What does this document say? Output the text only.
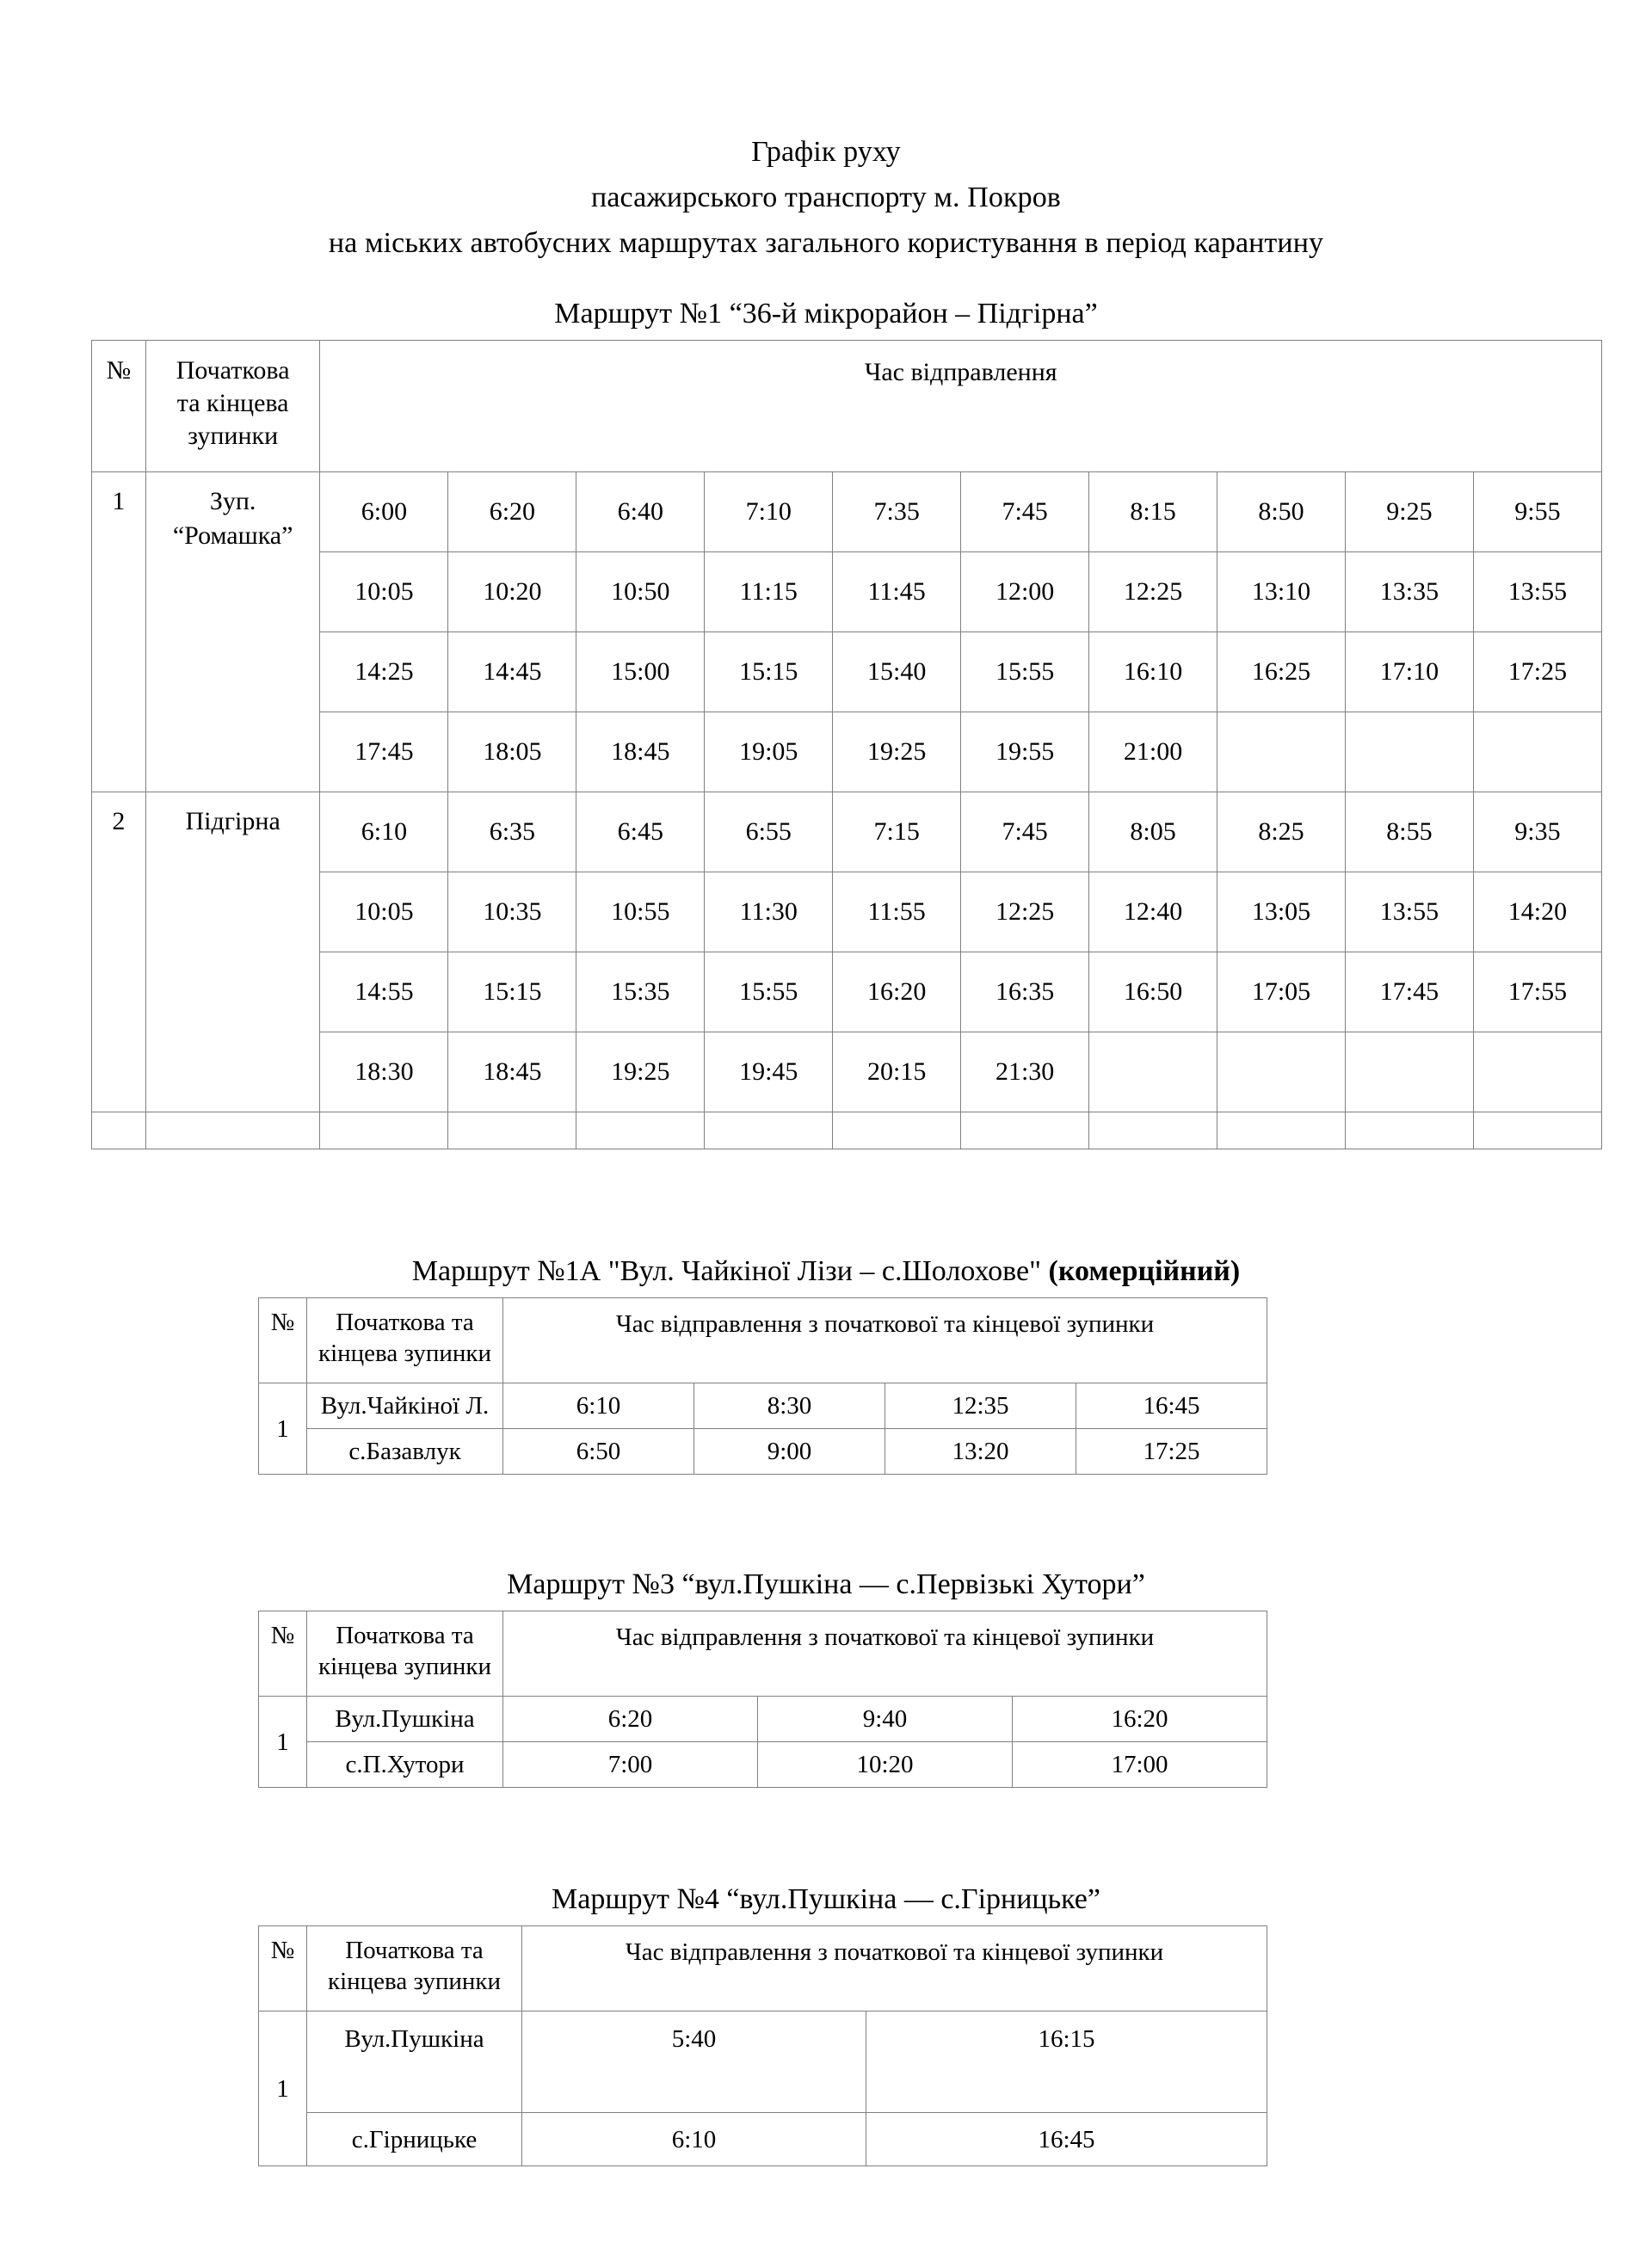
Графік руху
пасажирського транспорту м. Покров
на міських автобусних маршрутах загального користування в період карантину
Маршрут №1 “36-й мікрорайон – Підгірна”
№	Початкова
та кінцева
зупинки	Час відправлення									
1	Зуп.
“Ромашка”	6:00	6:20	6:40	7:10	7:35	7:45	8:15	8:50	9:25	9:55
		10:05	10:20	10:50	11:15	11:45	12:00	12:25	13:10	13:35	13:55
		14:25	14:45	15:00	15:15	15:40	15:55	16:10	16:25	17:10	17:25
		17:45	18:05	18:45	19:05	19:25	19:55	21:00			
2	Підгірна	6:10	6:35	6:45	6:55	7:15	7:45	8:05	8:25	8:55	9:35
		10:05	10:35	10:55	11:30	11:55	12:25	12:40	13:05	13:55	14:20
		14:55	15:15	15:35	15:55	16:20	16:35	16:50	17:05	17:45	17:55
		18:30	18:45	19:25	19:45	20:15	21:30				

Маршрут №1А "Вул. Чайкіної Лізи – с.Шолохове" (комерційний)
№	Початкова та
кінцева зупинки	Час відправлення з початкової та кінцевої зупинки			
1	Вул.Чайкіної Л.	6:10	8:30	12:35	16:45
	с.Базавлук	6:50	9:00	13:20	17:25
Маршрут №3 “вул.Пушкіна — с.Первізькі Хутори”
№	Початкова та
кінцева зупинки	Час відправлення з початкової та кінцевої зупинки		
1	Вул.Пушкіна	6:20	9:40	16:20
	с.П.Хутори	7:00	10:20	17:00
Маршрут №4 “вул.Пушкіна — с.Гірницьке”
№	Початкова та
кінцева зупинки	Час відправлення з початкової та кінцевої зупинки	
1	Вул.Пушкіна	5:40	16:15
	с.Гірницьке	6:10	16:45
